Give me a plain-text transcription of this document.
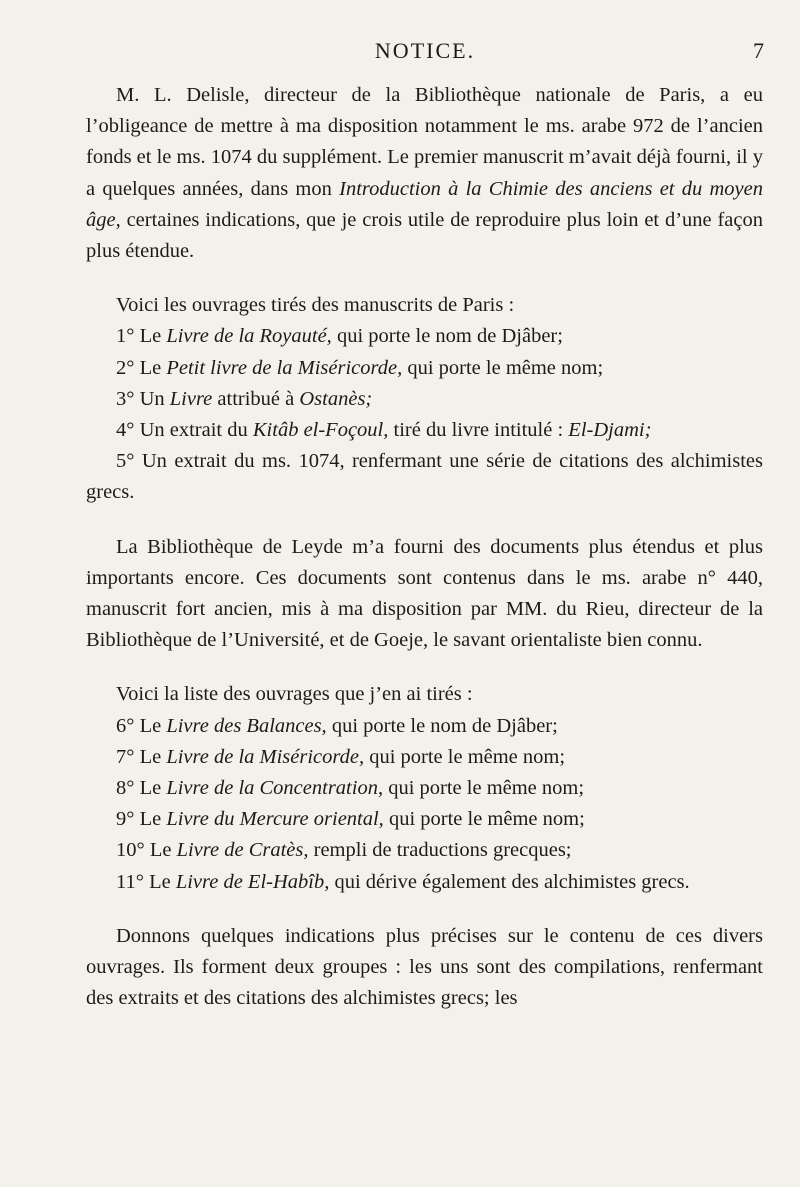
NOTICE.	7

M. L. Delisle, directeur de la Bibliothèque nationale de Paris, a eu l’obligeance de mettre à ma disposition notamment le ms. arabe 972 de l’ancien fonds et le ms. 1074 du supplément. Le premier manuscrit m’avait déjà fourni, il y a quelques années, dans mon Introduction à la Chimie des anciens et du moyen âge, certaines indications, que je crois utile de reproduire plus loin et d’une façon plus étendue.

Voici les ouvrages tirés des manuscrits de Paris :

1° Le Livre de la Royauté, qui porte le nom de Djâber;

2° Le Petit livre de la Miséricorde, qui porte le même nom;

3° Un Livre attribué à Ostanès;

4° Un extrait du Kitâb el-Foçoul, tiré du livre intitulé : El-Djami;

5° Un extrait du ms. 1074, renfermant une série de citations des alchimistes grecs.

La Bibliothèque de Leyde m’a fourni des documents plus étendus et plus importants encore. Ces documents sont contenus dans le ms. arabe n° 440, manuscrit fort ancien, mis à ma disposition par MM. du Rieu, directeur de la Bibliothèque de l’Université, et de Goeje, le savant orientaliste bien connu.

Voici la liste des ouvrages que j’en ai tirés :

6° Le Livre des Balances, qui porte le nom de Djâber;

7° Le Livre de la Miséricorde, qui porte le même nom;

8° Le Livre de la Concentration, qui porte le même nom;

9° Le Livre du Mercure oriental, qui porte le même nom;

10° Le Livre de Cratès, rempli de traductions grecques;

11° Le Livre de El-Habîb, qui dérive également des alchimistes grecs.

Donnons quelques indications plus précises sur le contenu de ces divers ouvrages. Ils forment deux groupes : les uns sont des compilations, renfermant des extraits et des citations des alchimistes grecs; les
